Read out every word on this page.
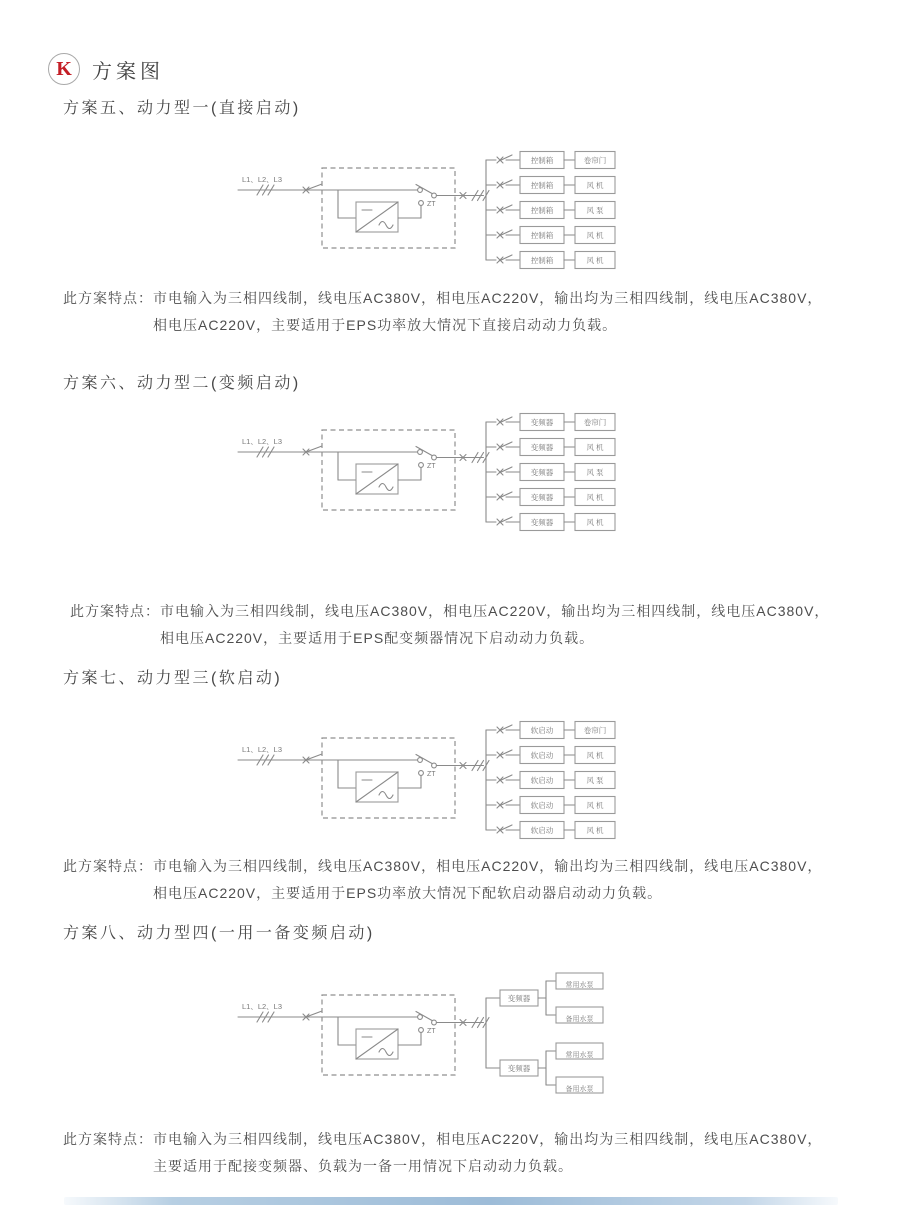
K 方案图
方案五、动力型一(直接启动)
L1、L2、L3
ZT
控制箱	卷帘门
控制箱	风 机
控制箱	风 泵
控制箱	风 机
控制箱	风 机
此方案特点： 市电输入为三相四线制，线电压AC380V，相电压AC220V，输出均为三相四线制，线电压AC380V，
相电压AC220V，主要适用于EPS功率放大情况下直接启动动力负载。
方案六、动力型二(变频启动)
L1、L2、L3
ZT
变频器	卷帘门
变频器	风 机
变频器	风 泵
变频器	风 机
变频器	风 机
此方案特点： 市电输入为三相四线制，线电压AC380V，相电压AC220V，输出均为三相四线制，线电压AC380V，
相电压AC220V，主要适用于EPS配变频器情况下启动动力负载。
方案七、动力型三(软启动)
L1、L2、L3
ZT
软启动	卷帘门
软启动	风 机
软启动	风 泵
软启动	风 机
软启动	风 机
此方案特点： 市电输入为三相四线制，线电压AC380V，相电压AC220V，输出均为三相四线制，线电压AC380V，
相电压AC220V，主要适用于EPS功率放大情况下配软启动器启动动力负载。
方案八、动力型四(一用一备变频启动)
L1、L2、L3
ZT
变频器
常用水泵
备用水泵
变频器
常用水泵
备用水泵
此方案特点： 市电输入为三相四线制，线电压AC380V，相电压AC220V，输出均为三相四线制，线电压AC380V，
主要适用于配接变频器、负载为一备一用情况下启动动力负载。
